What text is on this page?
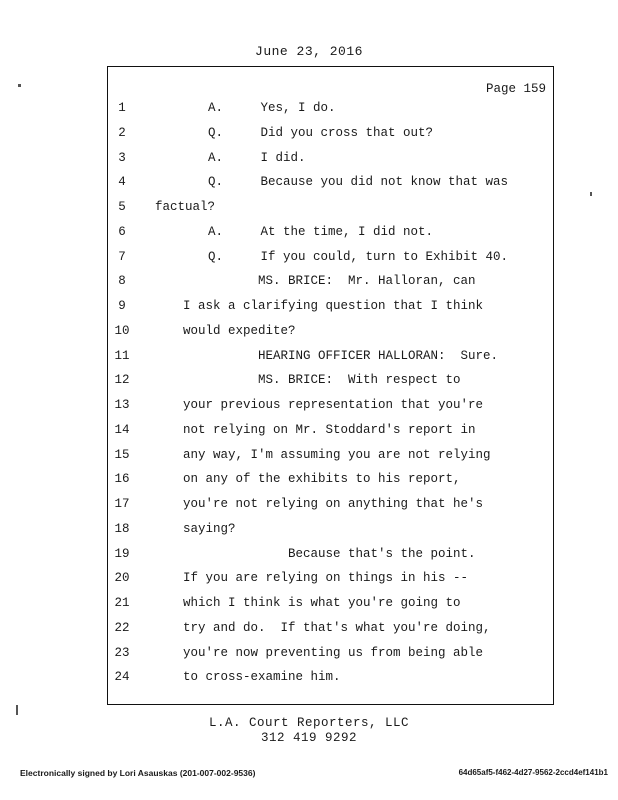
June 23, 2016
Page 159
1	A.     Yes, I do.
2	Q.     Did you cross that out?
3	A.     I did.
4	Q.     Because you did not know that was
5	factual?
6	A.     At the time, I did not.
7	Q.     If you could, turn to Exhibit 40.
8	MS. BRICE:  Mr. Halloran, can
9	I ask a clarifying question that I think
10	would expedite?
11	HEARING OFFICER HALLORAN:  Sure.
12	MS. BRICE:  With respect to
13	your previous representation that you're
14	not relying on Mr. Stoddard's report in
15	any way, I'm assuming you are not relying
16	on any of the exhibits to his report,
17	you're not relying on anything that he's
18	saying?
19	Because that's the point.
20	If you are relying on things in his --
21	which I think is what you're going to
22	try and do.  If that's what you're doing,
23	you're now preventing us from being able
24	to cross-examine him.
L.A. Court Reporters, LLC
312 419 9292
Electronically signed by Lori Asauskas (201-007-002-9536)	64d65af5-f462-4d27-9562-2ccd4ef141b1
